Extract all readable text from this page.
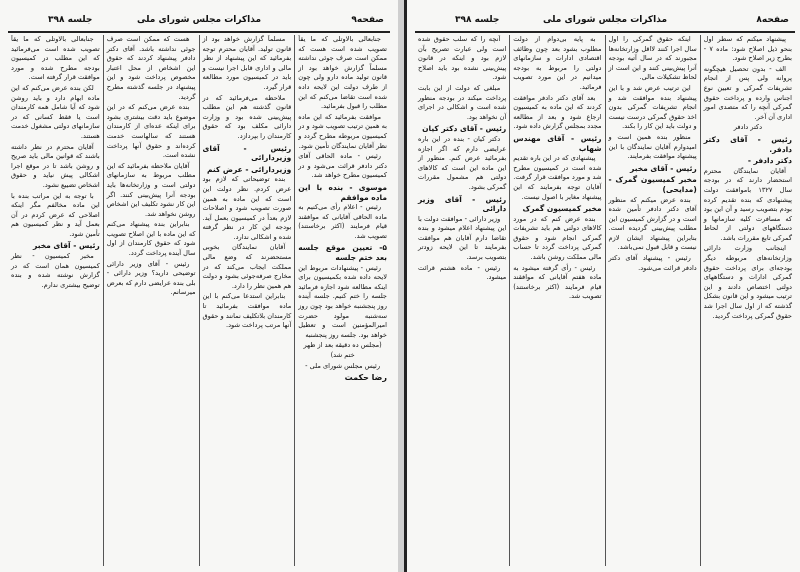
صفحه۹
مذاکرات مجلس شورای ملی
جلسه ۳۹۸

جنابعالی بالاوتلی که ما یقاً تصویب شده است هست که ممکن است صرف جوئی نداشته مسلماً گزارش خواهد بود از قانون تولید ماده دارو ولی چون از طرف دولت این لایحه داده شده است تقاضا می‌کنم که این مطلب را قبول بفرمائید.

موافقت بفرمائید که این ماده به همین ترتیب تصویب شود و در کمیسیون مربوطه مطرح گردد و نظر آقایان نمایندگان تأمین شود.

رئیس - ماده الحاقی آقای دکتر دادفر قرائت می‌شود و در کمیسیون مطرح خواهد شد.

موسوی - بنده با این ماده موافقم

رئیس - اعلام رأی می‌کنیم به ماده الحاقی آقایانی که موافقند قیام فرمایند (اکثر برخاستند) تصویب شد.

۵- تعیین موقع جلسه بعد ختم جلسه

رئیس - پیشنهادات مربوط این لایحه داده شده بکمیسیون برای اینکه مطالعه شود اجازه فرمائید جلسه را ختم کنیم. جلسه آینده روز پنجشنبه خواهد بود چون روز سه‌شنبه مولود حضرت امیرالمؤمنین است و تعطیل خواهد بود. جلسه روز پنجشنبه

(مجلس ده دقیقه بعد از ظهر ختم شد)

رئیس مجلس شورای ملی -

رضا حکمت

مسلماً گزارش خواهد بود از قانون تولید. آقایان محترم توجه بفرمائید که این پیشنهاد از نظر مالی و اداری قابل اجرا نیست و باید در کمیسیون مورد مطالعه قرار گیرد.

ملاحظه می‌فرمائید که در قانون گذشته هم این مطلب پیش‌بینی شده بود و وزارت دارائی مکلف بود که حقوق کارمندان را بپردازد.

رئیس - آقای وزیردارائی

وزیردارائی - عرض کنم

بنده توضیحاتی که لازم بود عرض کردم. نظر دولت این است که این ماده به همین صورت تصویب شود و اصلاحات لازم بعداً در کمیسیون بعمل آید. بودجه این کار در نظر گرفته شده و اشکالی ندارد.

آقایان نمایندگان بخوبی مستحضرند که وضع مالی مملکت ایجاب می‌کند که در مخارج صرفه‌جوئی بشود و دولت هم همین نظر را دارد.

بنابراین استدعا می‌کنم با این ماده موافقت بفرمائید تا کارمندان بلاتکلیف نمانند و حقوق آنها مرتب پرداخت شود.

هست که ممکن است صرف جوئی نداشته باشد. آقای دکتر دادفر پیشنهاد کردند که حقوق این اشخاص از محل اعتبار مخصوص پرداخت شود و این پیشنهاد در جلسه گذشته مطرح گردید.

بنده عرض می‌کنم که در این موضوع باید دقت بیشتری بشود برای اینکه عده‌ای از کارمندان هستند که سالهاست خدمت کرده‌اند و حقوق آنها پرداخت نشده است.

آقایان ملاحظه بفرمائید که این مطلب مربوط به سازمانهای دولتی است و وزارتخانه‌ها باید بودجه آنرا پیش‌بینی کنند. اگر این کار نشود تکلیف این اشخاص روشن نخواهد شد.

بنابراین بنده پیشنهاد می‌کنم که این ماده با این اصلاح تصویب شود که حقوق کارمندان از اول سال آینده پرداخت گردد.

رئیس - آقای وزیر دارائی توضیحی دارید؟ وزیر دارائی - بلی بنده عرایضی دارم که بعرض میرسانم.

جنابعالی بالاوتلی که ما یقاً تصویب شده است می‌فرمائید که این مطلب در کمیسیون بودجه مطرح شده و مورد موافقت قرار گرفته است.

لکن بنده عرض می‌کنم که این ماده ابهام دارد و باید روشن شود که آیا شامل همه کارمندان است یا فقط کسانی که در سازمانهای دولتی مشغول خدمت هستند.

آقایان محترم در نظر داشته باشند که قوانین مالی باید صریح و روشن باشد تا در موقع اجرا اشکالی پیش نیاید و حقوق اشخاص تضییع نشود.

با توجه به این مراتب بنده با این ماده مخالفم مگر اینکه اصلاحی که عرض کردم در آن بعمل آید و نظر کمیسیون هم تأمین شود.

رئیس - آقای مخبر

مخبر کمیسیون - نظر کمیسیون همان است که در گزارش نوشته شده و بنده توضیح بیشتری ندارم.

صفحه۸
مذاکرات مجلس شورای ملی
جلسه ۳۹۸

پیشنهاد میکنم که سطر اول بنحو ذیل اصلاح شود: ماده ۷ - بطرح زیر اصلاح شود.

الف - بدون تحصیل هیچگونه پروانه ولی پس از انجام تشریفات گمرکی و تعیین نوع اجناس وارده و پرداخت حقوق گمرکی آنچه را که متصدی امور اداری آن آخر.

دکتر دادفر

رئیس - آقای دکتر دادفر.

دکتر دادفر -

آقایان نمایندگان محترم استحضار دارند که در بودجه سال ۱۳۲۷ باموافقت دولت پیشنهادی که بنده تقدیم کرده بودم بتصویب رسید و آن این بود که مسافرت کلیه سازمانها و دستگاههای دولتی از لحاظ گمرکی تابع مقررات باشد.

اینجانب وزارت دارائی وزارتخانه‌های مربوطه دیگر بودجه‌ای برای پرداخت حقوق گمرکی ادارات و دستگاههای دولتی اختصاص دادند و این ترتیب میشود و این قانون بشکل گذشته که از اول سال اجرا شد حقوق گمرکی پرداخت گردید.

اینکه حقوق گمرکی را اول سال اجرا کنند لااقل وزارتخانه‌ها مجبورند که در سال آتیه بودجه آنرا پیش‌بینی کنند و این است از لحاظ تشکیلات مالی.

این ترتیب عرض شد و با این پیشنهاد بنده موافقت شد و انجام تشریفات گمرکی بدون اخذ حقوق گمرکی درست نیست و دولت باید این کار را بکند.

منظور بنده همین است و امیدوارم آقایان نمایندگان با این پیشنهاد موافقت بفرمایند.

رئیس - آقای مخبر

مخبر کمیسیون گمرک - (مدایحی)

بنده عرض میکنم که منظور آقای دکتر دادفر تأمین شده است و در گزارش کمیسیون این مطلب پیش‌بینی گردیده است. بنابراین پیشنهاد ایشان لازم نیست و قابل قبول نمی‌باشد.

رئیس - پیشنهاد آقای دکتر دادفر قرائت می‌شود.

به پایه بی‌دوام از دولت مطلوب بشود بعد چون وظائف اقتصادی ادارات و سازمانهای دولتی را مربوط به بودجه میدانیم در این مورد تصویب فرمائید.

بعد آقای دکتر دادفر موافقت کردند که این ماده به کمیسیون ارجاع شود و بعد از مطالعه مجدد بمجلس گزارش داده شود.

رئیس - آقای مهندس شهاب

پیشنهادی که در این باره تقدیم شده است در کمیسیون مطرح شد و مورد موافقت قرار گرفت. آقایان توجه بفرمایند که این پیشنهاد مغایر با اصول نیست.

مخبر کمیسیون گمرک

بنده عرض کنم که در مورد کالاهای دولتی هم باید تشریفات گمرکی انجام شود و حقوق گمرکی پرداخت گردد تا حساب مالی مملکت روشن باشد.

رئیس - رأی گرفته میشود به ماده هفتم آقایانی که موافقند قیام فرمایند (اکثر برخاستند) تصویب شد.

آنچه را که سلب حقوق شده است ولی عبارت تصریح بآن لازم بود و اینکه در قانون پیش‌بینی نشده بود باید اصلاح شود.

مبلغی که دولت از این بابت پرداخت میکند در بودجه منظور شده است و اشکالی در اجرای آن نخواهد بود.

رئیس - آقای دکتر کیان

دکتر کیان - بنده در این باره عرایضی دارم که اگر اجازه بفرمائید عرض کنم. منظور از این ماده این است که کالاهای دولتی هم مشمول مقررات گمرکی بشود.

رئیس - آقای وزیر دارائی

وزیر دارائی - موافقت دولت با این پیشنهاد اعلام میشود و بنده تقاضا دارم آقایان هم موافقت بفرمایند تا این لایحه زودتر بتصویب برسد.

رئیس - ماده هشتم قرائت میشود.
